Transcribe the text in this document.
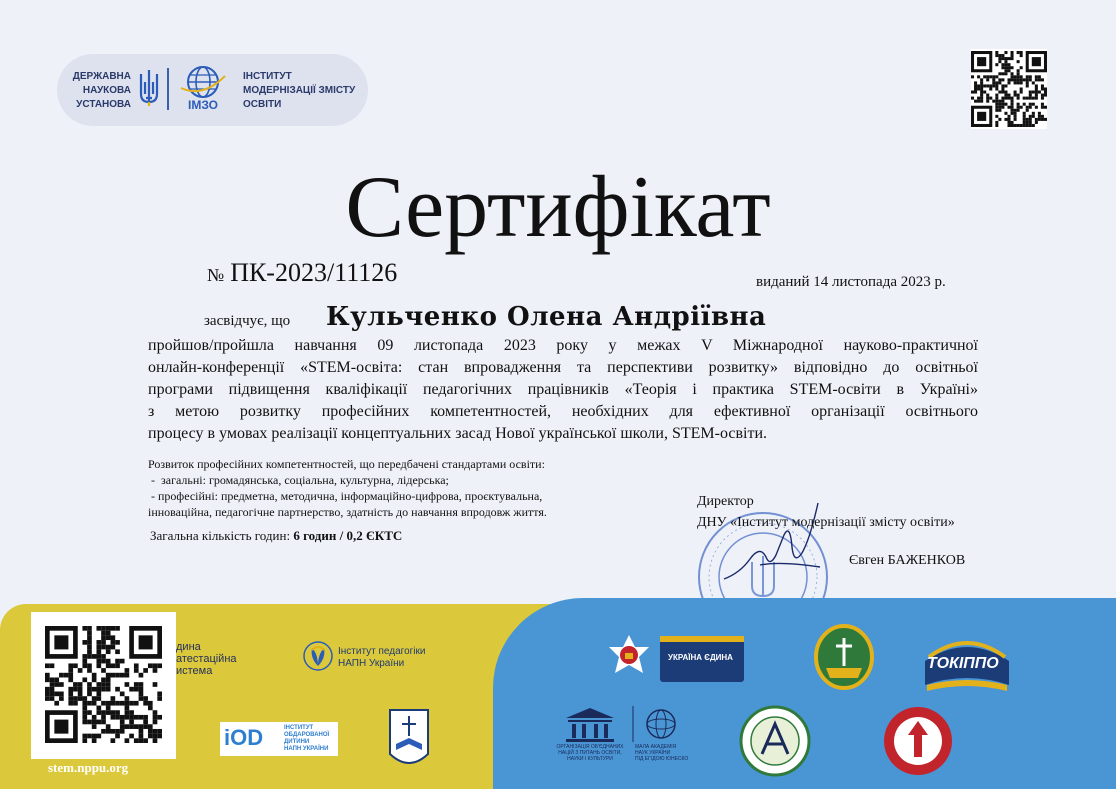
ДЕРЖАВНА
НАУКОВА
УСТАНОВА	ІМЗО
ІНСТИТУТ
МОДЕРНІЗАЦІЇ ЗМІСТУ
ОСВІТИ
Сертифікат
№ ПК-2023/11126	виданий 14 листопада 2023 р.
засвідчує, що Кульченко Олена Андріївна
пройшов/пройшла навчання 09 листопада 2023 року у межах V Міжнародної науково-практичної
онлайн-конференції «STEM-освіта: стан впровадження та перспективи розвитку» відповідно до освітньої
програми підвищення кваліфікації педагогічних працівників «Теорія і практика STEM-освіти в Україні»
з метою розвитку професійних компетентностей, необхідних для ефективної організації освітнього
процесу в умовах реалізації концептуальних засад Нової української школи, STEM-освіти.
Розвиток професійних компетентностей, що передбачені стандартами освіти:
-  загальні: громадянська, соціальна, культурна, лідерська;
- професійні: предметна, методична, інформаційно-цифрова, проєктувальна,
інноваційна, педагогічне партнерство, здатність до навчання впродовж життя.
Загальна кількість годин: 6 годин / 0,2 ЄКТС
Директор
ДНУ «Інститут модернізації змісту освіти»
Євген БАЖЕНКОВ
stem.nppu.org
дина
атестаційна
истема
Інститут педагогіки
НАПН України
iOD	ІНСТИТУТ
ОБДАРОВАНОЇ
ДИТИНИ
НАПН УКРАЇНИ
УКРАЇНА ЄДИНА	ТОКІППО
ОРГАНІЗАЦІЯ ОБ'ЄДНАНИХ
НАЦІЙ З ПИТАНЬ ОСВІТИ,
НАУКИ І КУЛЬТУРИ
МАЛА АКАДЕМІЯ
НАУК УКРАЇНИ
ПІД ЕГІДОЮ ЮНЕСКО
